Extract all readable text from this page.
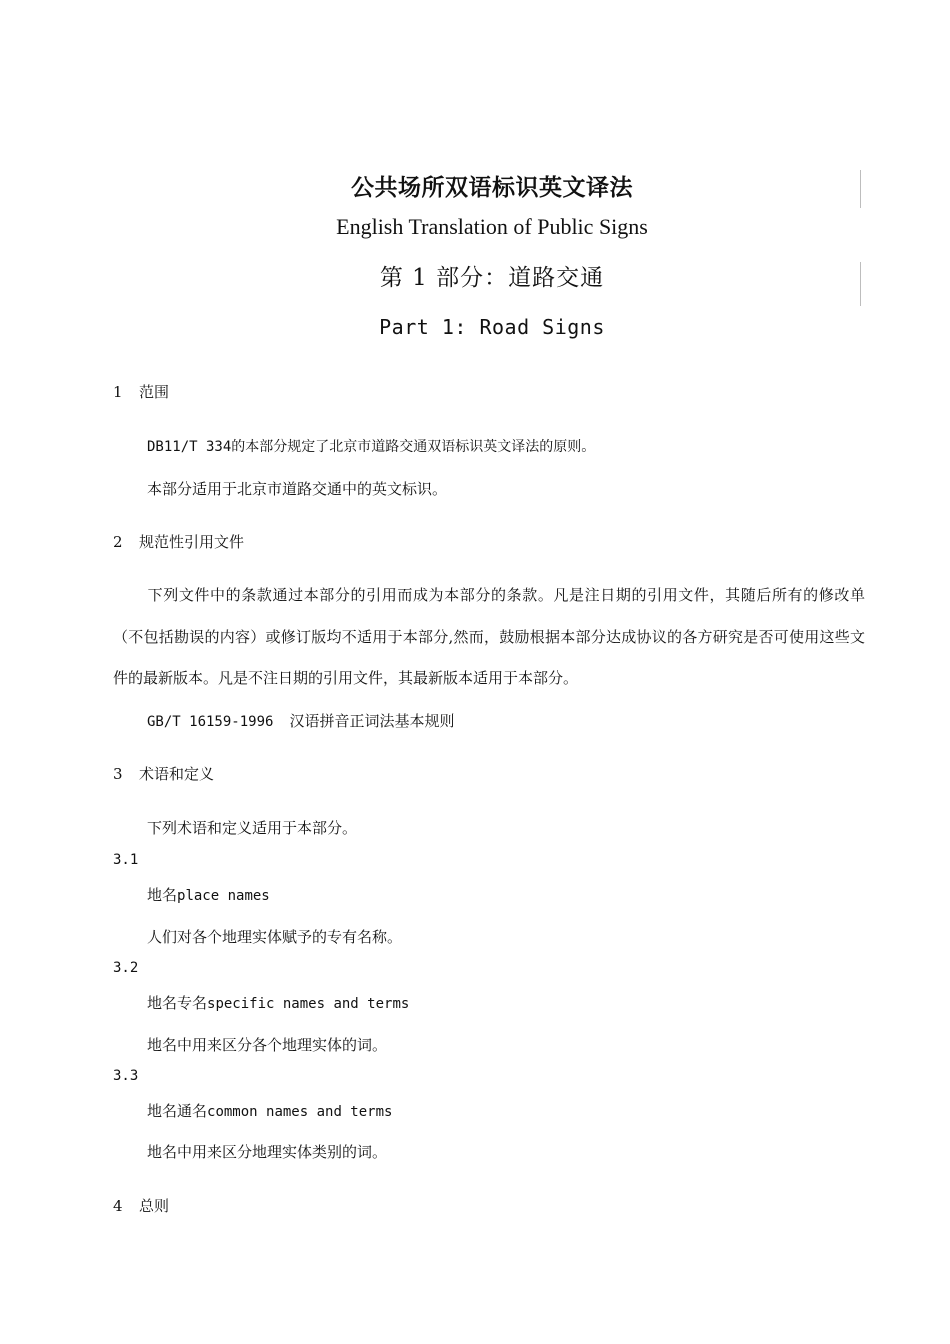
公共场所双语标识英文译法
English Translation of Public Signs
第 1 部分：道路交通
Part 1: Road Signs
1 范围
DB11/T 334的本部分规定了北京市道路交通双语标识英文译法的原则。
本部分适用于北京市道路交通中的英文标识。
2 规范性引用文件
下列文件中的条款通过本部分的引用而成为本部分的条款。凡是注日期的引用文件，其随后所有的修改单（不包括勘误的内容）或修订版均不适用于本部分,然而，鼓励根据本部分达成协议的各方研究是否可使用这些文件的最新版本。凡是不注日期的引用文件，其最新版本适用于本部分。
GB/T 16159-1996 汉语拼音正词法基本规则
3 术语和定义
下列术语和定义适用于本部分。
3.1
地名place names
人们对各个地理实体赋予的专有名称。
3.2
地名专名specific names and terms
地名中用来区分各个地理实体的词。
3.3
地名通名common names and terms
地名中用来区分地理实体类别的词。
4 总则
